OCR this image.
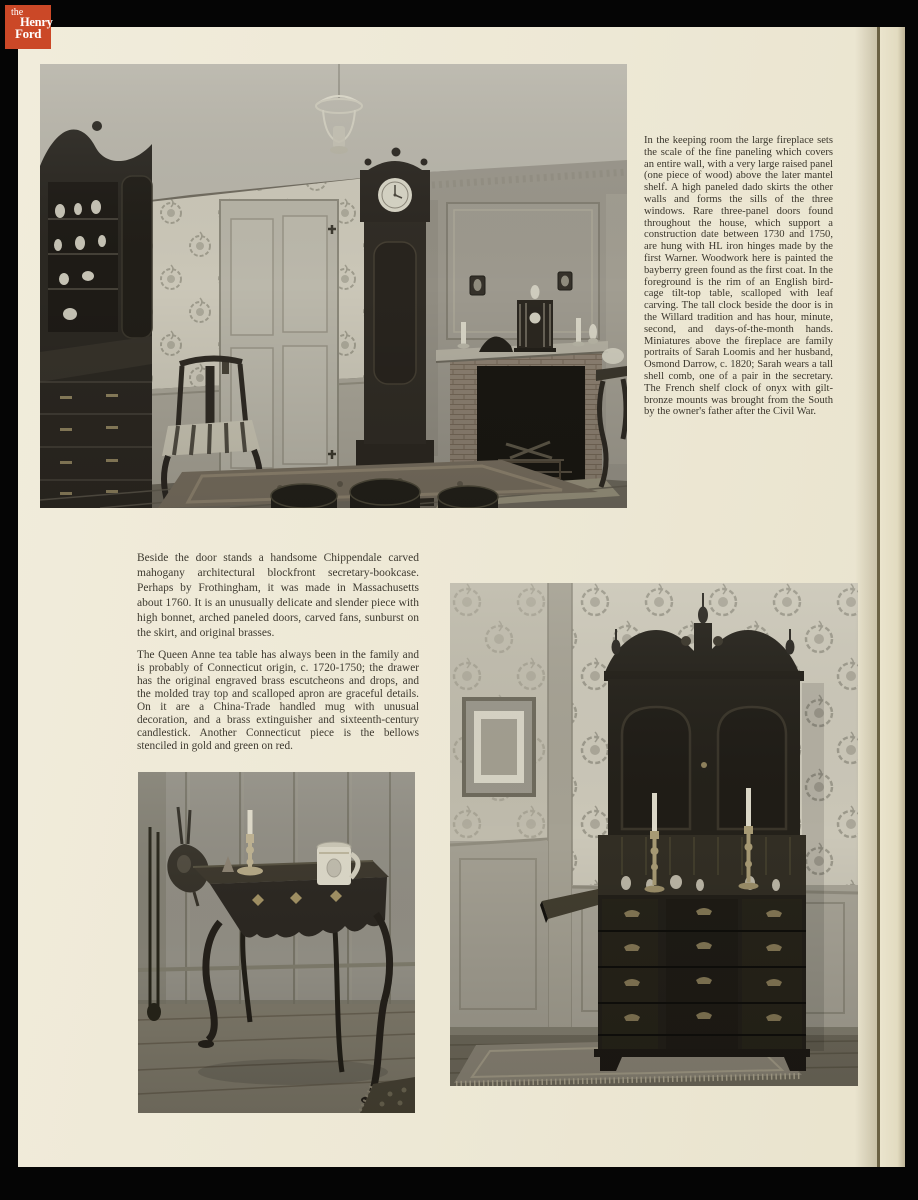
In the keeping room the large fireplace sets the scale of the fine paneling which covers an entire wall, with a very large raised panel (one piece of wood) above the later mantel shelf. A high paneled dado skirts the other walls and forms the sills of the three windows. Rare three-panel doors found throughout the house, which support a construction date between 1730 and 1750, are hung with HL iron hinges made by the first Warner. Woodwork here is painted the bayberry green found as the first coat. In the foreground is the rim of an English bird-cage tilt-top table, scalloped with leaf carving. The tall clock beside the door is in the Willard tradition and has hour, minute, second, and days-of-the-month hands. Miniatures above the fireplace are family portraits of Sarah Loomis and her husband, Osmond Darrow, c. 1820; Sarah wears a tall shell comb, one of a pair in the secretary. The French shelf clock of onyx with gilt-bronze mounts was brought from the South by the owner's father after the Civil War.

Beside the door stands a handsome Chippendale carved mahogany architectural blockfront secretary-bookcase. Perhaps by Frothingham, it was made in Massachusetts about 1760. It is an unusually delicate and slender piece with high bonnet, arched paneled doors, carved fans, sunburst on the skirt, and original brasses.

The Queen Anne tea table has always been in the family and is probably of Connecticut origin, c. 1720-1750; the drawer has the original engraved brass escutcheons and drops, and the molded tray top and scalloped apron are graceful details. On it are a China-Trade handled mug with unusual decoration, and a brass extinguisher and sixteenth-century candlestick. Another Connecticut piece is the bellows stenciled in gold and green on red.

the
Henry
Ford
